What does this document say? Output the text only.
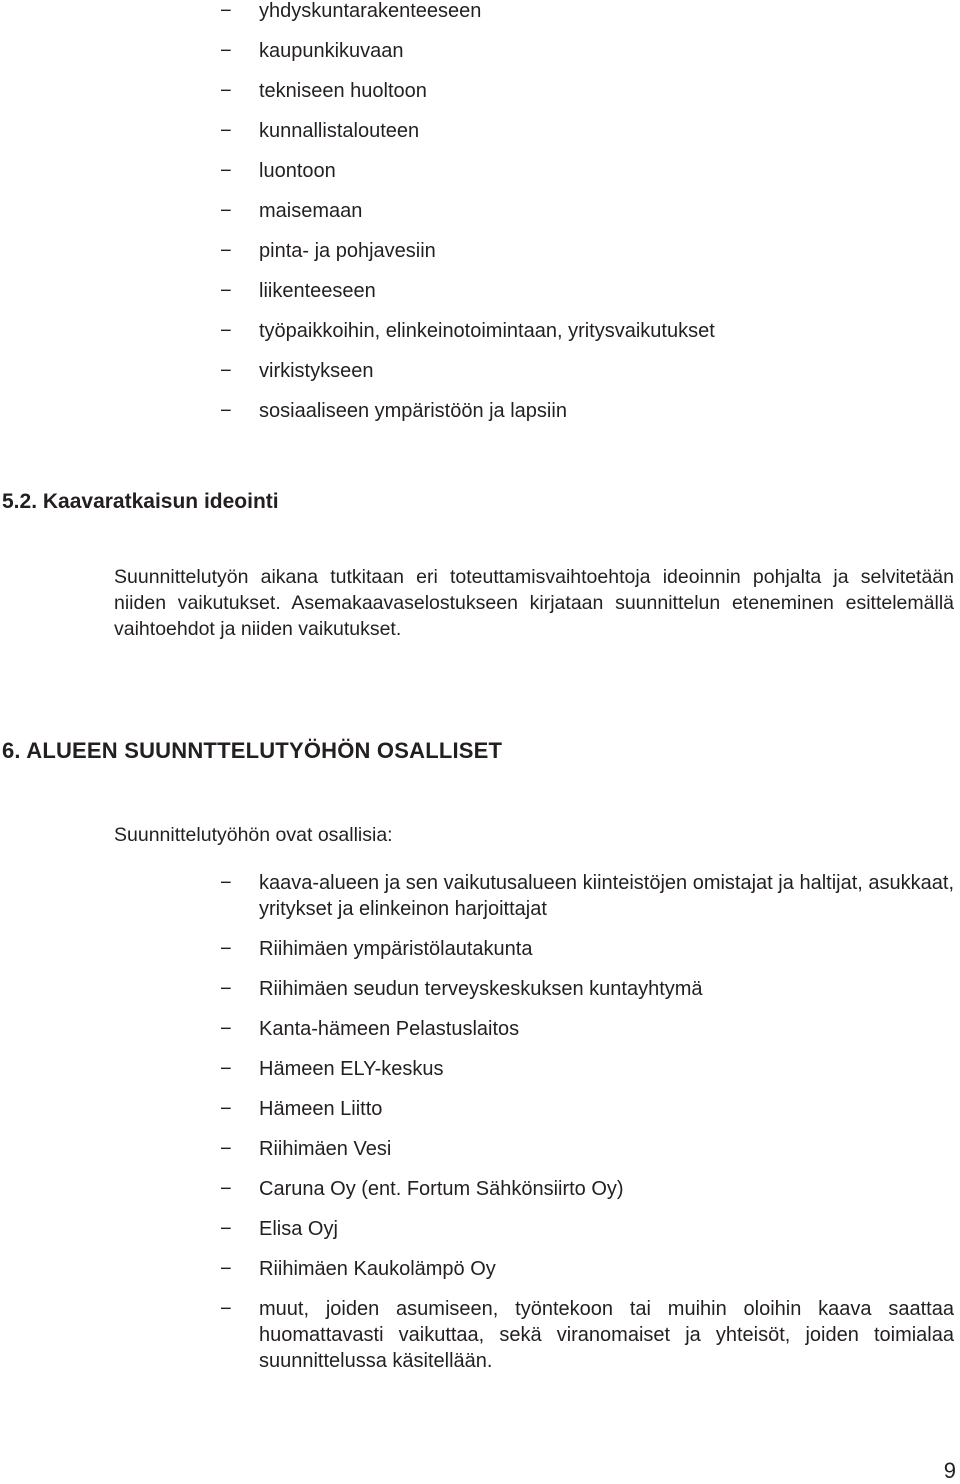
− yhdyskuntarakenteeseen
− kaupunkikuvaan
− tekniseen huoltoon
− kunnallistalouteen
− luontoon
− maisemaan
− pinta- ja pohjavesiin
− liikenteeseen
− työpaikkoihin, elinkeinotoimintaan, yritysvaikutukset
− virkistykseen
− sosiaaliseen ympäristöön ja lapsiin
5.2. Kaavaratkaisun ideointi

Suunnittelutyön aikana tutkitaan eri toteuttamisvaihtoehtoja ideoinnin pohjalta ja selvitetään niiden vaikutukset. Asemakaavaselostukseen kirjataan suunnittelun eteneminen esittelemällä vaihtoehdot ja niiden vaikutukset.

6. ALUEEN SUUNNTTELUTYÖHÖN OSALLISET

Suunnittelutyöhön ovat osallisia:

− kaava-alueen ja sen vaikutusalueen kiinteistöjen omistajat ja haltijat, asukkaat, yritykset ja elinkeinon harjoittajat
− Riihimäen ympäristölautakunta
− Riihimäen seudun terveyskeskuksen kuntayhtymä
− Kanta-hämeen Pelastuslaitos
− Hämeen ELY-keskus
− Hämeen Liitto
− Riihimäen Vesi
− Caruna Oy (ent. Fortum Sähkönsiirto Oy)
− Elisa Oyj
− Riihimäen Kaukolämpö Oy
− muut, joiden asumiseen, työntekoon tai muihin oloihin kaava saattaa huomattavasti vaikuttaa, sekä viranomaiset ja yhteisöt, joiden toimialaa suunnittelussa käsitellään.

9
